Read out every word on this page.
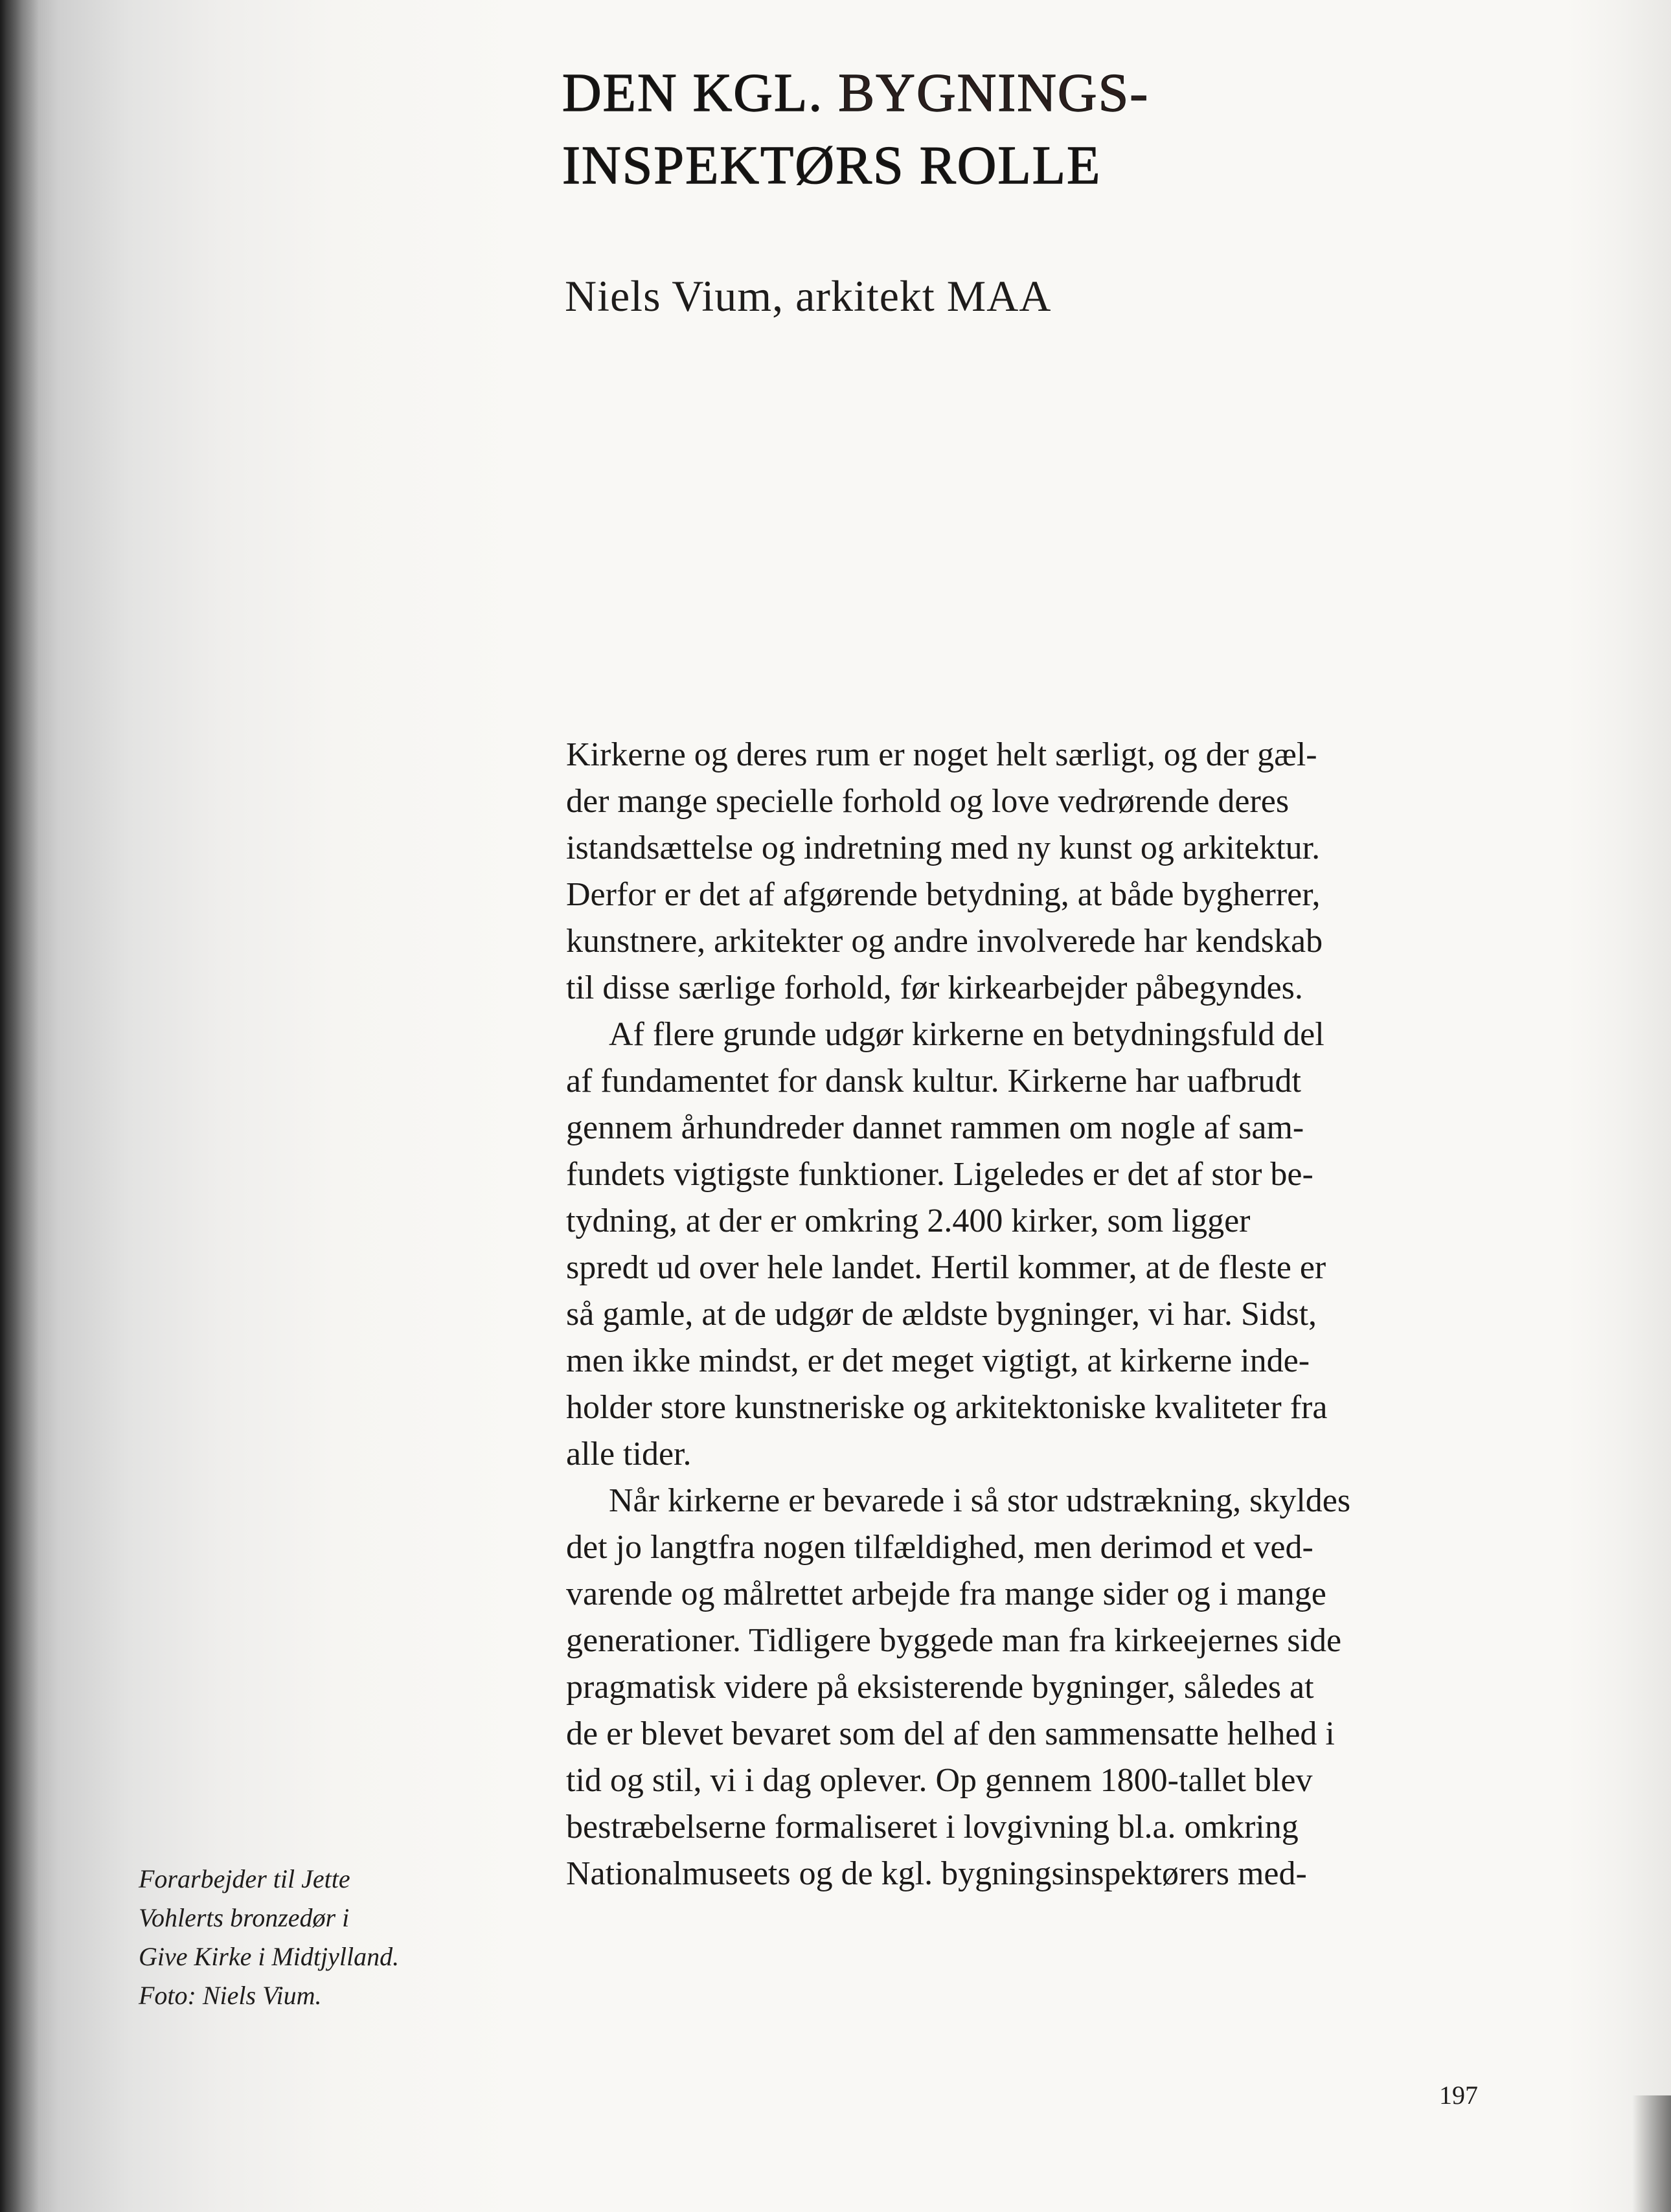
DEN KGL. BYGNINGS-
INSPEKTØRS ROLLE

Niels Vium, arkitekt MAA

Kirkerne og deres rum er noget helt særligt, og der gæl-
der mange specielle forhold og love vedrørende deres
istandsættelse og indretning med ny kunst og arkitektur.
Derfor er det af afgørende betydning, at både bygherrer,
kunstnere, arkitekter og andre involverede har kendskab
til disse særlige forhold, før kirkearbejder påbegyndes.

Af flere grunde udgør kirkerne en betydningsfuld del
af fundamentet for dansk kultur. Kirkerne har uafbrudt
gennem århundreder dannet rammen om nogle af sam-
fundets vigtigste funktioner. Ligeledes er det af stor be-
tydning, at der er omkring 2.400 kirker, som ligger
spredt ud over hele landet. Hertil kommer, at de fleste er
så gamle, at de udgør de ældste bygninger, vi har. Sidst,
men ikke mindst, er det meget vigtigt, at kirkerne inde-
holder store kunstneriske og arkitektoniske kvaliteter fra
alle tider.

Når kirkerne er bevarede i så stor udstrækning, skyldes
det jo langtfra nogen tilfældighed, men derimod et ved-
varende og målrettet arbejde fra mange sider og i mange
generationer. Tidligere byggede man fra kirkeejernes side
pragmatisk videre på eksisterende bygninger, således at
de er blevet bevaret som del af den sammensatte helhed i
tid og stil, vi i dag oplever. Op gennem 1800-tallet blev
bestræbelserne formaliseret i lovgivning bl.a. omkring
Nationalmuseets og de kgl. bygningsinspektørers med-

Forarbejder til Jette
Vohlerts bronzedør i
Give Kirke i Midtjylland.
Foto: Niels Vium.
197
